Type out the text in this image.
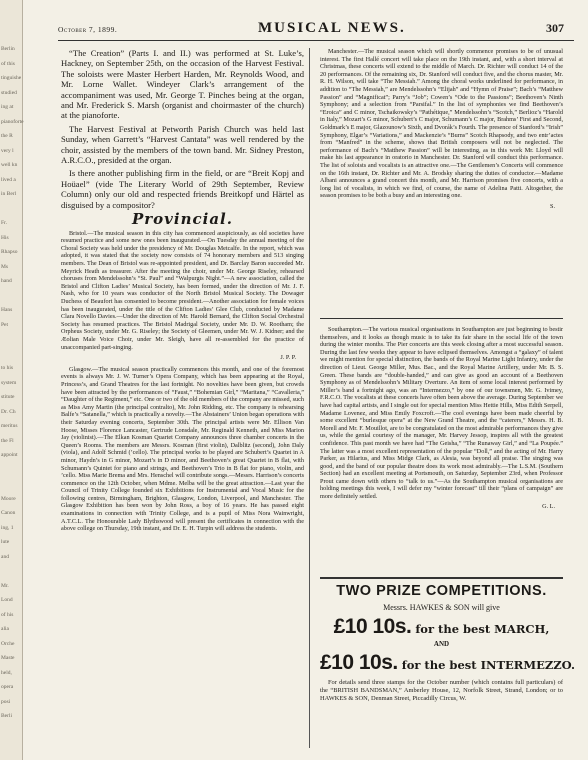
Berlin
of this
tinguishe
studied
ing at
pianoforte
the R
very l
well kn
lived a
in Berl
Fr.
His
Rhapso
Ms
hand
Hans
Pet
to his
system
stitute
Dr. Ch
meritus
the Fl
appoint
Moore
Canon
ing, 1
lute
and
Mr.
Lond
of his
alia
Orche
Maste
held,
opera
posi
Berli
October 7, 1899.	MUSICAL NEWS.	307

“The Creation” (Parts I. and II.) was performed at St. Luke’s, Hackney, on September 25th, on the occasion of the Harvest Festival. The soloists were Master Herbert Harden, Mr. Reynolds Wood, and Mr. Lorne Wallet. Windeyer Clark’s arrangement of the accompaniment was used, Mr. George T. Pinches being at the organ, and Mr. Frederick S. Marsh (organist and choirmaster of the church) at the pianoforte.

The Harvest Festival at Petworth Parish Church was held last Sunday, when Garrett’s “Harvest Cantata” was well rendered by the choir, assisted by the members of the town band. Mr. Sidney Preston, A.R.C.O., presided at the organ.

Is there another publishing firm in the field, or are “Breit Kopj and Hoüael” (vide The Literary World of 29th September, Review Column) only our old and respected friends Breitkopf und Härtel as disguised by a compositor?

Provincial.

Bristol.—The musical season in this city has commenced auspiciously, as old societies have resumed practice and some new ones been inaugurated.—On Tuesday the annual meeting of the Choral Society was held under the presidency of Mr. Douglas Metcalfe. In the report, which was adopted, it was stated that the society now consists of 74 honorary members and 513 singing members. The Dean of Bristol was re-appointed president, and Dr. Barclay Baron succeeded Mr. Meyrick Heath as treasurer. After the meeting the choir, under Mr. George Riseley, rehearsed choruses from Mendelssohn’s “St. Paul” and “Walpurgis Night.”—A new association, called the Bristol and Clifton Ladies’ Musical Society, has been formed, under the direction of Mr. J. F. Nash, who for 10 years was conductor of the North Bristol Musical Society. The Dowager Duchess of Beaufort has consented to become president.—Another association for female voices has been inaugurated, under the title of the Clifton Ladies’ Glee Club, conducted by Madame Clara Novello Davies.—Under the direction of Mr. Harold Bernard, the Clifton Social Orchestral Society has resumed practices. The Bristol Madrigal Society, under Mr. D. W. Rootham; the Orpheus Society, under Mr. G. Riseley; the Society of Gleemen, under Mr. W. J. Kidner; and the Æolian Male Voice Choir, under Mr. Sleigh, have all re-assembled for the practice of unaccompanied part-singing.

J. P. P.

Glasgow.—The musical season practically commences this month, and one of the foremost events is always Mr. J. W. Turner’s Opera Company, which has been appearing at the Royal, Princess’s, and Grand Theatres for the last fortnight. No novelties have been given, but crowds have been attracted by the performances of “Faust,” “Bohemian Girl,” “Maritana,” “Cavalleria,” “Daughter of the Regiment,” etc. One or two of the old members of the company are missed, such as Miss Amy Martin (the principal contralto), Mr. John Ridding, etc. The company is rehearsing Balfe’s “Satanella,” which is practically a novelty.—The Abstainers’ Union began operations with their Saturday evening concerts, September 30th. The principal artists were Mr. Ellison Van Hoose, Misses Florence Lancaster, Gertrude Lonsdale, Mr. Reginald Kenneth, and Miss Marion Jay (violinist).—The Elkan Kosman Quartet Company announces three chamber concerts in the Queen’s Rooms. The members are Messrs. Kosman (first violin), Dalblitz (second), John Daly (viola), and Adolf Schmid (’cello). The principal works to be played are Schubert’s Quartet in A minor, Haydn’s in G minor, Mozart’s in D minor, and Beethoven’s great Quartet in B flat, with Schumann’s Quintet for piano and strings, and Beethoven’s Trio in B flat for piano, violin, and ’cello. Miss Marie Brema and Mrs. Henschel will contribute songs.—Messrs. Harrison’s concerts commence on the 12th October, when Mdme. Melba will be the great attraction.—Last year the Council of Trinity College founded six Exhibitions for Instrumental and Vocal Music for the following centres, Birmingham, Brighton, Glasgow, London, Liverpool, and Manchester. The Glasgow Exhibition has been won by John Ross, a boy of 16 years. He has passed eight examinations in connection with Trinity College, and is a pupil of Miss Nora Wainwright, A.T.C.L. The Honourable Lady Blythswood will present the certificates in connection with the above college on Thursday, 19th instant, and Dr. E. H. Turpin will address the students.

Manchester.—The musical season which will shortly commence promises to be of unusual interest. The first Hallé concert will take place on the 19th instant, and, with a short interval at Christmas, these concerts will extend to the middle of March. Dr. Richter will conduct 14 of the 20 performances. Of the remaining six, Dr. Stanford will conduct five, and the chorus master, Mr. R. H. Wilson, will take “The Messiah.” Among the choral works underlined for performance, in addition to “The Messiah,” are Mendelssohn’s “Elijah” and “Hymn of Praise”; Bach’s “Matthew Passion” and “Magnificat”; Parry’s “Job”; Cowen’s “Ode to the Passions”; Beethoven’s Ninth Symphony; and a selection from “Parsifal.” In the list of symphonies we find Beethoven’s “Eroica” and C minor, Tschaikowsky’s “Pathétique,” Mendelssohn’s “Scotch,” Berlioz’s “Harold in Italy,” Mozart’s G minor, Schubert’s C major, Schumann’s C major, Brahms’ First and Second, Goldmark’s E major, Glazounow’s Sixth, and Dvorák’s Fourth. The presence of Stanford’s “Irish” Symphony, Elgar’s “Variations,” and Mackenzie’s “Burns” Scotch Rhapsody, and two entr’actes from “Manfred” in the scheme, shows that British composers will not be neglected. The performance of Bach’s “Matthew Passion” will be interesting, as in this work Mr. Lloyd will make his last appearance in oratorio in Manchester. Dr. Stanford will conduct this performance. The list of soloists and vocalists is an attractive one.—The Gentlemen’s Concerts will commence on the 16th instant, Dr. Richter and Mr. A. Brodsky sharing the duties of conductor.—Madame Albani announces a grand concert this month, and Mr. Harrison promises five concerts, with a long list of vocalists, in which we find, of course, the name of Adelina Patti. Altogether, the season promises to be both a busy and an interesting one.

S.

Southampton.—The various musical organisations in Southampton are just beginning to bestir themselves, and it looks as though music is to take its fair share in the social life of the town during the winter months. The Pier concerts are this week closing after a most successful season. During the last few weeks they appear to have eclipsed themselves. Amongst a “galaxy” of talent we might mention for special distinction, the bands of the Royal Marine Light Infantry, under the direction of Lieut. George Miller, Mus. Bac., and the Royal Marine Artillery, under Mr. B. S. Green. These bands are “double-handed,” and can give as good an account of a Beethoven Symphony as of Mendelssohn’s Military Overture. An item of some local interest performed by Miller’s band a fortnight ago, was an “Intermezzo,” by one of our townsmen, Mr. G. Ivimey, F.R.C.O. The vocalists at these concerts have often been above the average. During September we have had capital artists, and I single out for special mention Miss Hettie Hills, Miss Edith Serpell, Madame Lovenez, and Miss Emily Foxcroft.—The cool evenings have been made cheerful by some excellent “burlesque opera” at the New Grand Theatre, and the “caterers,” Messrs. H. B. Morell and Mr. F. Mouillot, are to be congratulated on the most admirable performances they give us, while the genial courtesy of the manager, Mr. Harvey Jessop, inspires all with the greatest confidence. This past month we have had “The Geisha,” “The Runaway Girl,” and “La Poupée.” The latter was a most excellent representation of the popular “Doll,” and the acting of Mr. Harry Parker, as Hilarius, and Miss Midge Clark, as Alesia, was beyond all praise. The singing was good, and the band of our popular theatre does its work most admirably.—The L.S.M. (Southern Section) had an excellent meeting at Portsmouth, on Saturday, September 23rd, when Professor Prout came down with others to “talk to us.”—As the Southampton musical organisations are holding meetings this week, I will defer my “winter forecast” till their “plans of campaign” are more definitely settled.

G. L.
TWO PRIZE COMPETITIONS.
Messrs. HAWKES & SON will give
£10 10s. for the best MARCH,
AND
£10 10s. for the best INTERMEZZO.
For details send three stamps for the October number (which contains full particulars) of the “BRITISH BANDSMAN,” Amberley House, 12, Norfolk Street, Strand, London; or to HAWKES & SON, Denman Street, Piccadilly Circus, W.
